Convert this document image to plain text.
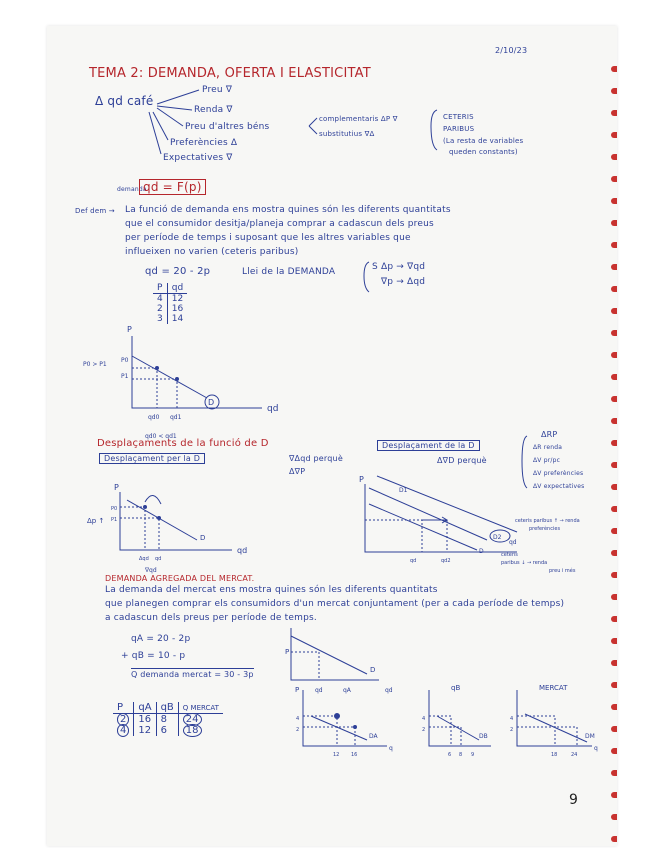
2/10/23
TEMA 2: DEMANDA, OFERTA I ELASTICITAT
Δ qd café
Preu ∇
Renda ∇
Preu d'altres béns
Preferències Δ
Expectatives ∇
complementaris ΔP ∇
substitutius ∇Δ
CETERIS
PARIBUS
(La resta de variables
queden constants)
demanda
qd = F(p)
Def dem → La funció de demanda ens mostra quines són les diferents quantitats
que el consumidor desitja/planeja comprar a cadascun dels preus
per període de temps i suposant que les altres variables que
influeixen no varien (ceteris paribus)
qd = 20 - 2p	Llei de la DEMANDA	S Δp → ∇qd
∇p → Δqd
P	qd
4	12
2	16
3	14
P
qd
P0 > P1
P0
P1
D
qd0 qd1
qd0 < qd1
Desplaçaments de la funció de D
Desplaçament per la D	∇Δqd perquè
Δ∇P
Desplaçament de la D
Δ∇D perquè
ΔRP
ΔR renda
ΔV pr/pc
ΔV preferències
ΔV expectatives
P
Δp ↑
P0
P1
D
Δqd qd
qd
∇qd
P
D1
D2
D
ceteris paribus ↑ → renda
preferències
ceteris
paribus ↓ → renda
preu i més
qd
qd	qd2
DEMANDA AGREGADA DEL MERCAT.
La demanda del mercat ens mostra quines són les diferents quantitats
que planegen comprar els consumidors d'un mercat conjuntament (per a cada període de temps)
a cadascun dels preus per període de temps.
qA = 20 - 2p
+ qB = 10 - p
Q demanda mercat = 30 - 3p
P
D
qd	qA	qd
P	qA	qB	Q MERCAT
2	16	8	24
4	12	6	18
P
DA
4
2
12 16
q
qB
DB
4
2
6 8 9
MERCAT
DM
4
2
18	24
q
9
